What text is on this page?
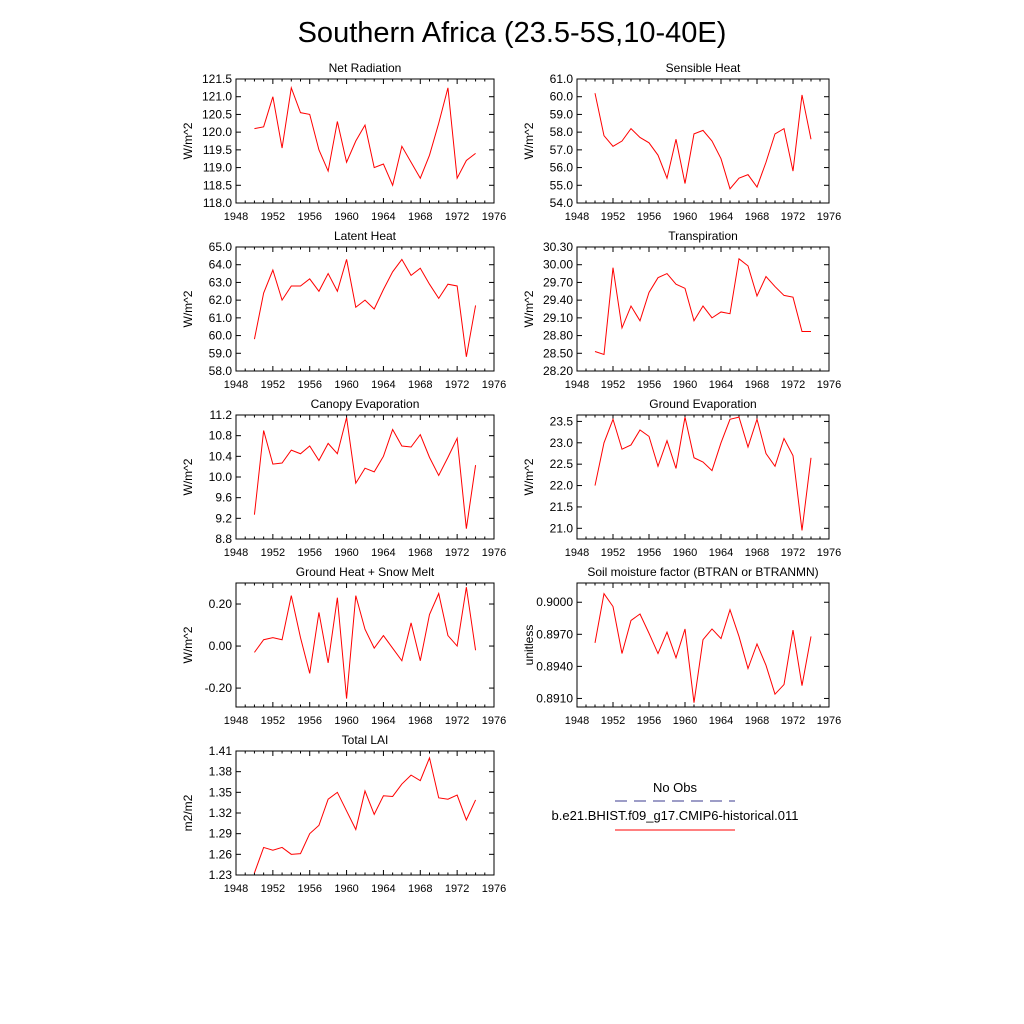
Southern Africa (23.5-5S,10-40E)
1948 1952 1956 1960 1964 1968 1972 1976
118.0
118.5
119.0
119.5
120.0
120.5
121.0
121.5
Net Radiation
W/m^2
1948 1952 1956 1960 1964 1968 1972 1976
54.0
55.0
56.0
57.0
58.0
59.0
60.0
61.0
Sensible Heat
W/m^2
1948 1952 1956 1960 1964 1968 1972 1976
58.0
59.0
60.0
61.0
62.0
63.0
64.0
65.0
Latent Heat
W/m^2
1948 1952 1956 1960 1964 1968 1972 1976
28.20
28.50
28.80
29.10
29.40
29.70
30.00
30.30
Transpiration
W/m^2
1948 1952 1956 1960 1964 1968 1972 1976
8.8
9.2
9.6
10.0
10.4
10.8
11.2
Canopy Evaporation
W/m^2
1948 1952 1956 1960 1964 1968 1972 1976
21.0
21.5
22.0
22.5
23.0
23.5
Ground Evaporation
W/m^2
1948 1952 1956 1960 1964 1968 1972 1976
-0.20
0.00
0.20
Ground Heat + Snow Melt
W/m^2
1948 1952 1956 1960 1964 1968 1972 1976
0.8910
0.8940
0.8970
0.9000
Soil moisture factor (BTRAN or BTRANMN)
unitless
1948 1952 1956 1960 1964 1968 1972 1976
1.23
1.26
1.29
1.32
1.35
1.38
1.41
Total LAI
m2/m2
No Obs
b.e21.BHIST.f09_g17.CMIP6-historical.011
